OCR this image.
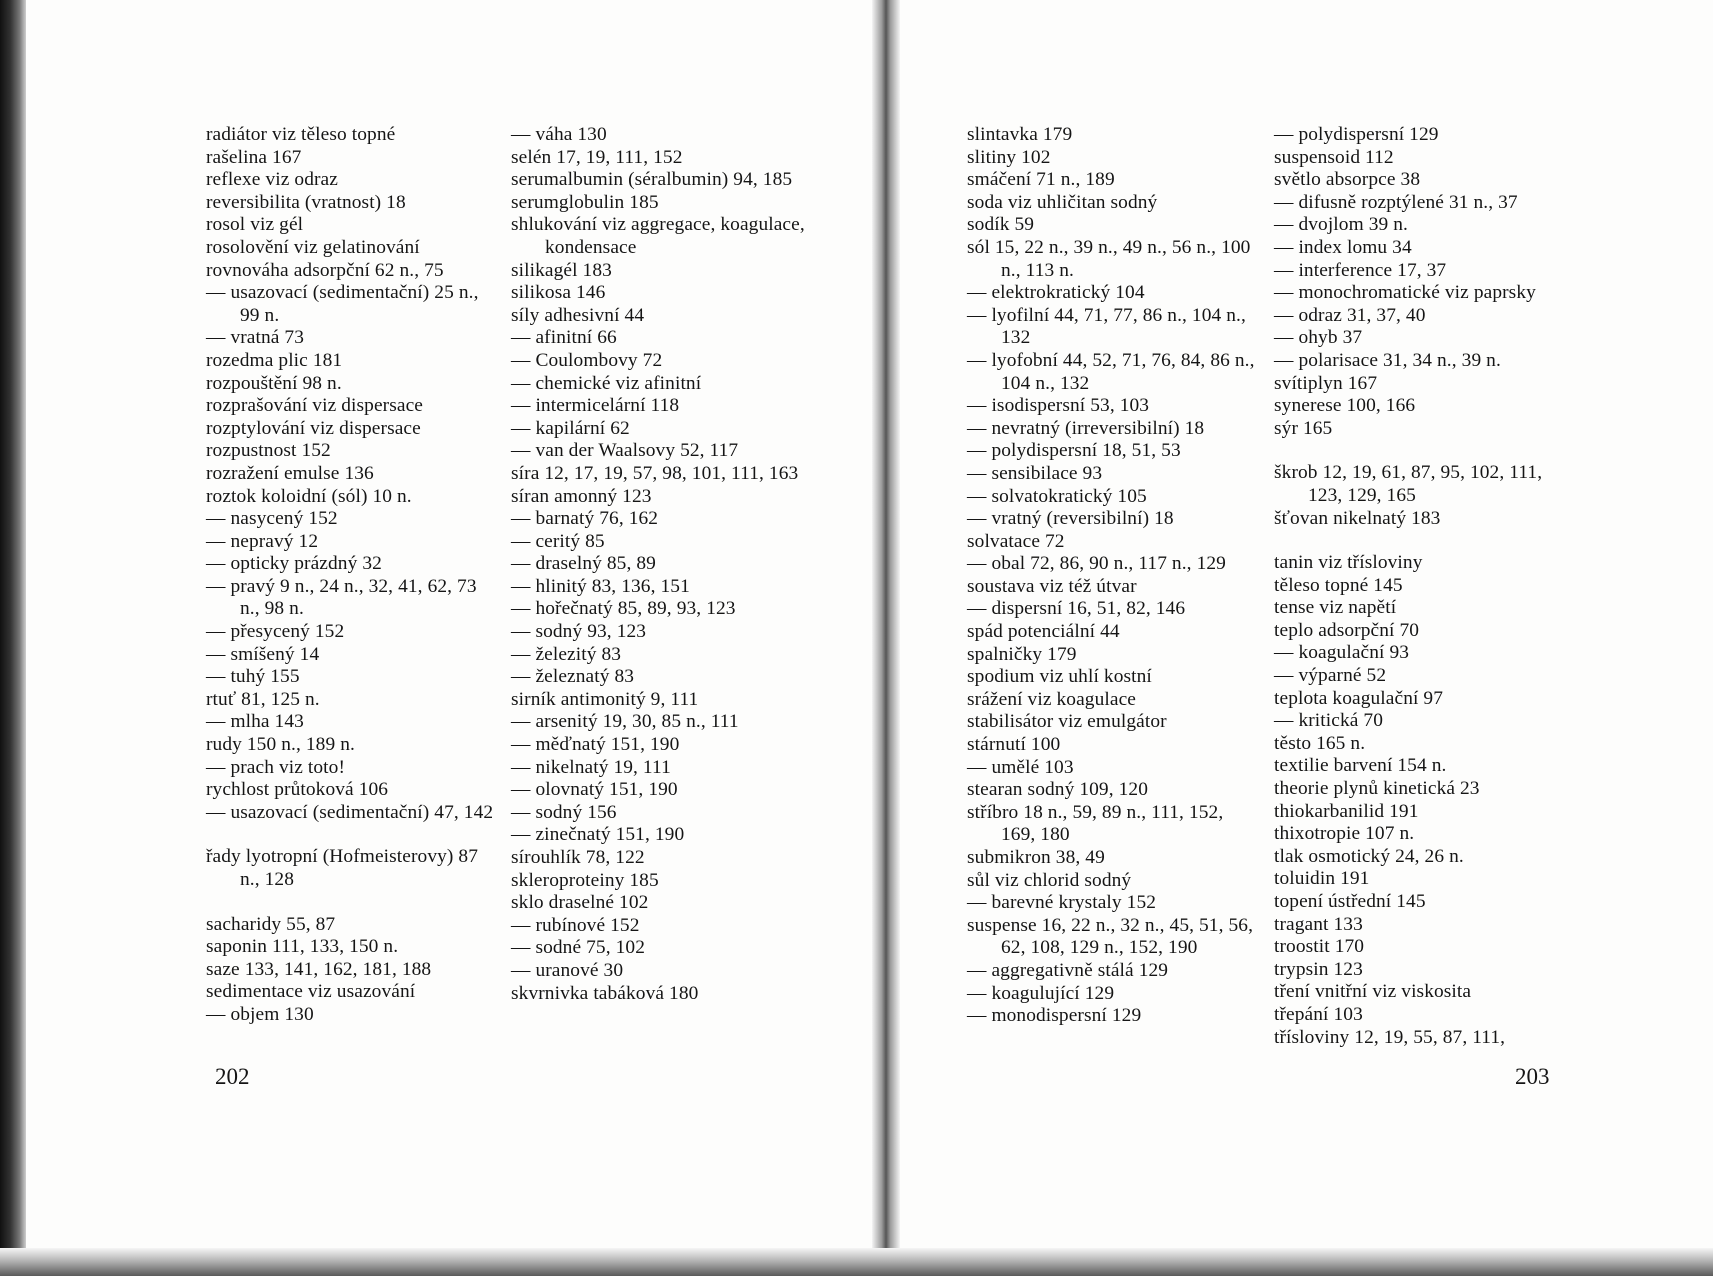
radiátor viz těleso topné
rašelina 167
reflexe viz odraz
reversibilita (vratnost) 18
rosol viz gél
rosolovění viz gelatinování
rovnováha adsorpční 62 n., 75
— usazovací (sedimentační) 25 n., 99 n.
— vratná 73
rozedma plic 181
rozpouštění 98 n.
rozprašování viz dispersace
rozptylování viz dispersace
rozpustnost 152
rozražení emulse 136
roztok koloidní (sól) 10 n.
— nasycený 152
— nepravý 12
— opticky prázdný 32
— pravý 9 n., 24 n., 32, 41, 62, 73 n., 98 n.
— přesycený 152
— smíšený 14
— tuhý 155
rtuť 81, 125 n.
— mlha 143
rudy 150 n., 189 n.
— prach viz toto!
rychlost průtoková 106
— usazovací (sedimentační) 47, 142
řady lyotropní (Hofmeisterovy) 87 n., 128
sacharidy 55, 87
saponin 111, 133, 150 n.
saze 133, 141, 162, 181, 188
sedimentace viz usazování
— objem 130
— váha 130
selén 17, 19, 111, 152
serumalbumin (séralbumin) 94, 185
serumglobulin 185
shlukování viz aggregace, koagulace, kondensace
silikagél 183
silikosa 146
síly adhesivní 44
— afinitní 66
— Coulombovy 72
— chemické viz afinitní
— intermicelární 118
— kapilární 62
— van der Waalsovy 52, 117
síra 12, 17, 19, 57, 98, 101, 111, 163
síran amonný 123
— barnatý 76, 162
— ceritý 85
— draselný 85, 89
— hlinitý 83, 136, 151
— hořečnatý 85, 89, 93, 123
— sodný 93, 123
— železitý 83
— železnatý 83
sirník antimonitý 9, 111
— arsenitý 19, 30, 85 n., 111
— měďnatý 151, 190
— nikelnatý 19, 111
— olovnatý 151, 190
— sodný 156
— zinečnatý 151, 190
sírouhlík 78, 122
skleroproteiny 185
sklo draselné 102
— rubínové 152
— sodné 75, 102
— uranové 30
skvrnivka tabáková 180
slintavka 179
slitiny 102
smáčení 71 n., 189
soda viz uhličitan sodný
sodík 59
sól 15, 22 n., 39 n., 49 n., 56 n., 100 n., 113 n.
— elektrokratický 104
— lyofilní 44, 71, 77, 86 n., 104 n., 132
— lyofobní 44, 52, 71, 76, 84, 86 n., 104 n., 132
— isodispersní 53, 103
— nevratný (irreversibilní) 18
— polydispersní 18, 51, 53
— sensibilace 93
— solvatokratický 105
— vratný (reversibilní) 18
solvatace 72
— obal 72, 86, 90 n., 117 n., 129
soustava viz též útvar
— dispersní 16, 51, 82, 146
spád potenciální 44
spalničky 179
spodium viz uhlí kostní
srážení viz koagulace
stabilisátor viz emulgátor
stárnutí 100
— umělé 103
stearan sodný 109, 120
stříbro 18 n., 59, 89 n., 111, 152, 169, 180
submikron 38, 49
sůl viz chlorid sodný
— barevné krystaly 152
suspense 16, 22 n., 32 n., 45, 51, 56, 62, 108, 129 n., 152, 190
— aggregativně stálá 129
— koagulující 129
— monodispersní 129
— polydispersní 129
suspensoid 112
světlo absorpce 38
— difusně rozptýlené 31 n., 37
— dvojlom 39 n.
— index lomu 34
— interference 17, 37
— monochromatické viz paprsky
— odraz 31, 37, 40
— ohyb 37
— polarisace 31, 34 n., 39 n.
svítiplyn 167
synerese 100, 166
sýr 165
škrob 12, 19, 61, 87, 95, 102, 111, 123, 129, 165
šťovan nikelnatý 183
tanin viz třísloviny
těleso topné 145
tense viz napětí
teplo adsorpční 70
— koagulační 93
— výparné 52
teplota koagulační 97
— kritická 70
těsto 165 n.
textilie barvení 154 n.
theorie plynů kinetická 23
thiokarbanilid 191
thixotropie 107 n.
tlak osmotický 24, 26 n.
toluidin 191
topení ústřední 145
tragant 133
troostit 170
trypsin 123
tření vnitřní viz viskosita
třepání 103
třísloviny 12, 19, 55, 87, 111,
202	203
